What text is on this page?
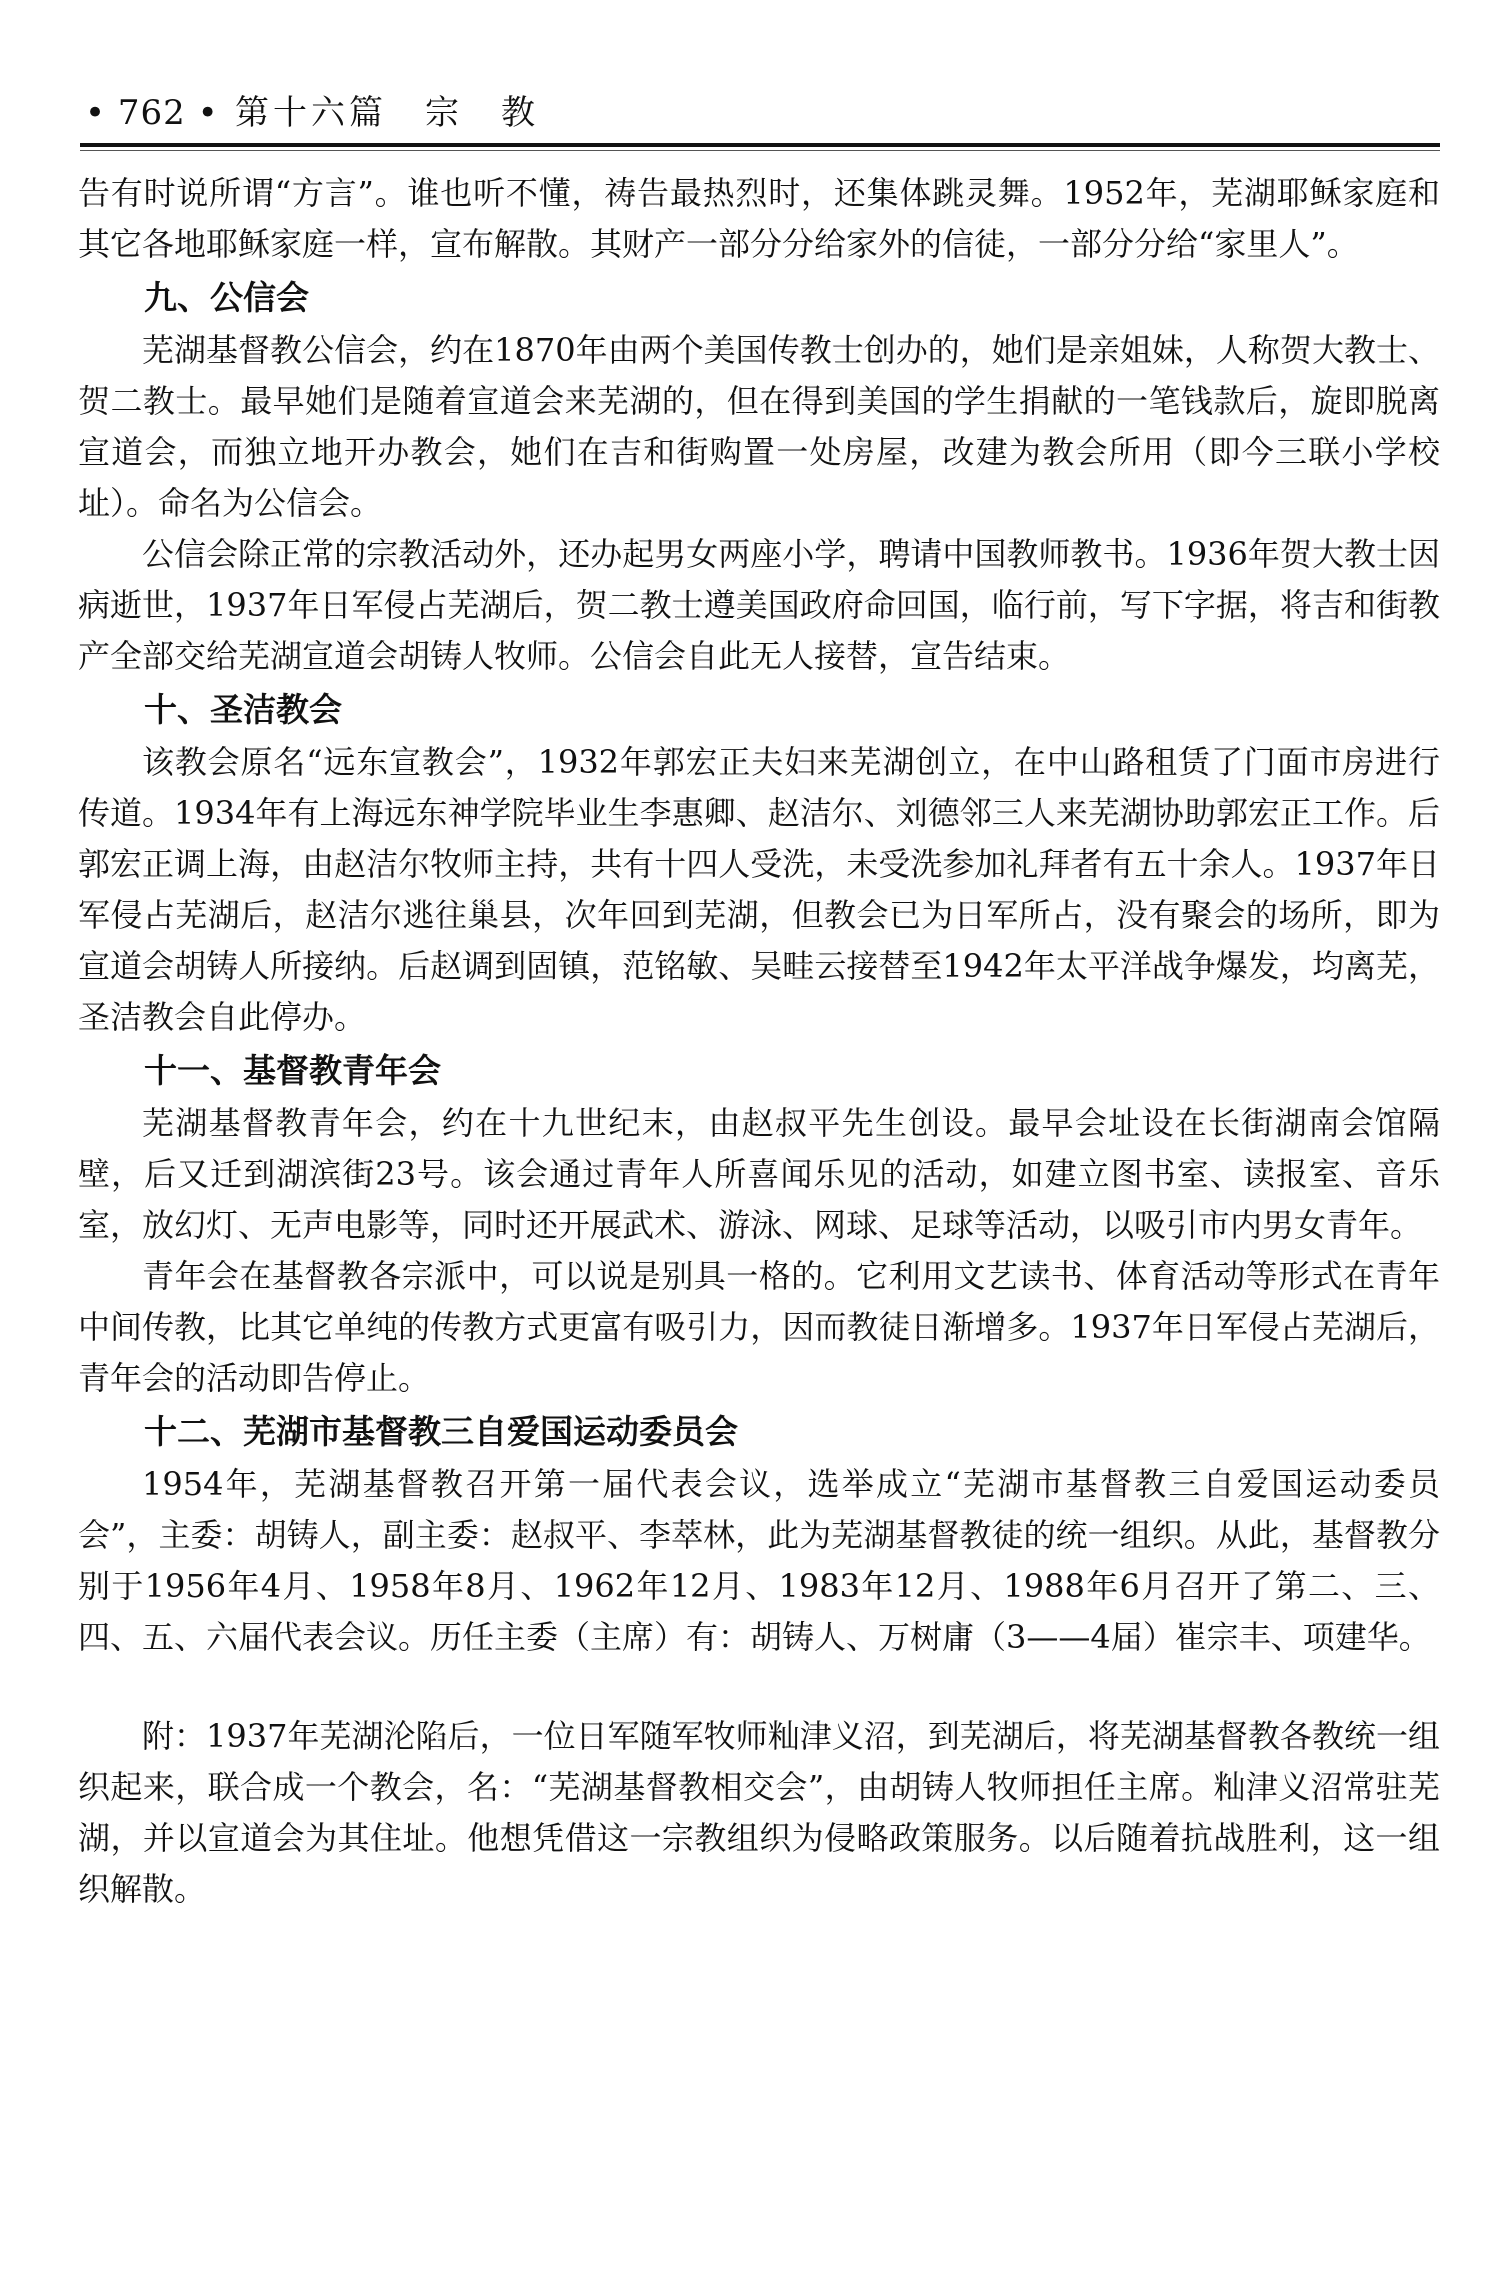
• 762 • 第十六篇　宗　教

告有时说所谓“方言”。谁也听不懂，祷告最热烈时，还集体跳灵舞。1952年，芜湖耶稣家庭和其它各地耶稣家庭一样，宣布解散。其财产一部分分给家外的信徒，一部分分给“家里人”。

九、公信会

芜湖基督教公信会，约在1870年由两个美国传教士创办的，她们是亲姐妹，人称贺大教士、贺二教士。最早她们是随着宣道会来芜湖的，但在得到美国的学生捐献的一笔钱款后，旋即脱离宣道会，而独立地开办教会，她们在吉和街购置一处房屋，改建为教会所用（即今三联小学校址）。命名为公信会。

公信会除正常的宗教活动外，还办起男女两座小学，聘请中国教师教书。1936年贺大教士因病逝世，1937年日军侵占芜湖后，贺二教士遵美国政府命回国，临行前，写下字据，将吉和街教产全部交给芜湖宣道会胡铸人牧师。公信会自此无人接替，宣告结束。

十、圣洁教会

该教会原名“远东宣教会”，1932年郭宏正夫妇来芜湖创立，在中山路租赁了门面市房进行传道。1934年有上海远东神学院毕业生李惠卿、赵洁尔、刘德邻三人来芜湖协助郭宏正工作。后郭宏正调上海，由赵洁尔牧师主持，共有十四人受洗，未受洗参加礼拜者有五十余人。1937年日军侵占芜湖后，赵洁尔逃往巢县，次年回到芜湖，但教会已为日军所占，没有聚会的场所，即为宣道会胡铸人所接纳。后赵调到固镇，范铭敏、吴畦云接替至1942年太平洋战争爆发，均离芜，圣洁教会自此停办。

十一、基督教青年会

芜湖基督教青年会，约在十九世纪末，由赵叔平先生创设。最早会址设在长街湖南会馆隔壁，后又迁到湖滨街23号。该会通过青年人所喜闻乐见的活动，如建立图书室、读报室、音乐室，放幻灯、无声电影等，同时还开展武术、游泳、网球、足球等活动，以吸引市内男女青年。

青年会在基督教各宗派中，可以说是别具一格的。它利用文艺读书、体育活动等形式在青年中间传教，比其它单纯的传教方式更富有吸引力，因而教徒日渐增多。1937年日军侵占芜湖后，青年会的活动即告停止。

十二、芜湖市基督教三自爱国运动委员会

1954年，芜湖基督教召开第一届代表会议，选举成立“芜湖市基督教三自爱国运动委员会”，主委：胡铸人，副主委：赵叔平、李萃林，此为芜湖基督教徒的统一组织。从此，基督教分别于1956年4月、1958年8月、1962年12月、1983年12月、1988年6月召开了第二、三、四、五、六届代表会议。历任主委（主席）有：胡铸人、万树庸（3——4届）崔宗丰、项建华。

附：1937年芜湖沦陷后，一位日军随军牧师籼津义沼，到芜湖后，将芜湖基督教各教统一组织起来，联合成一个教会，名：“芜湖基督教相交会”，由胡铸人牧师担任主席。籼津义沼常驻芜湖，并以宣道会为其住址。他想凭借这一宗教组织为侵略政策服务。以后随着抗战胜利，这一组织解散。
